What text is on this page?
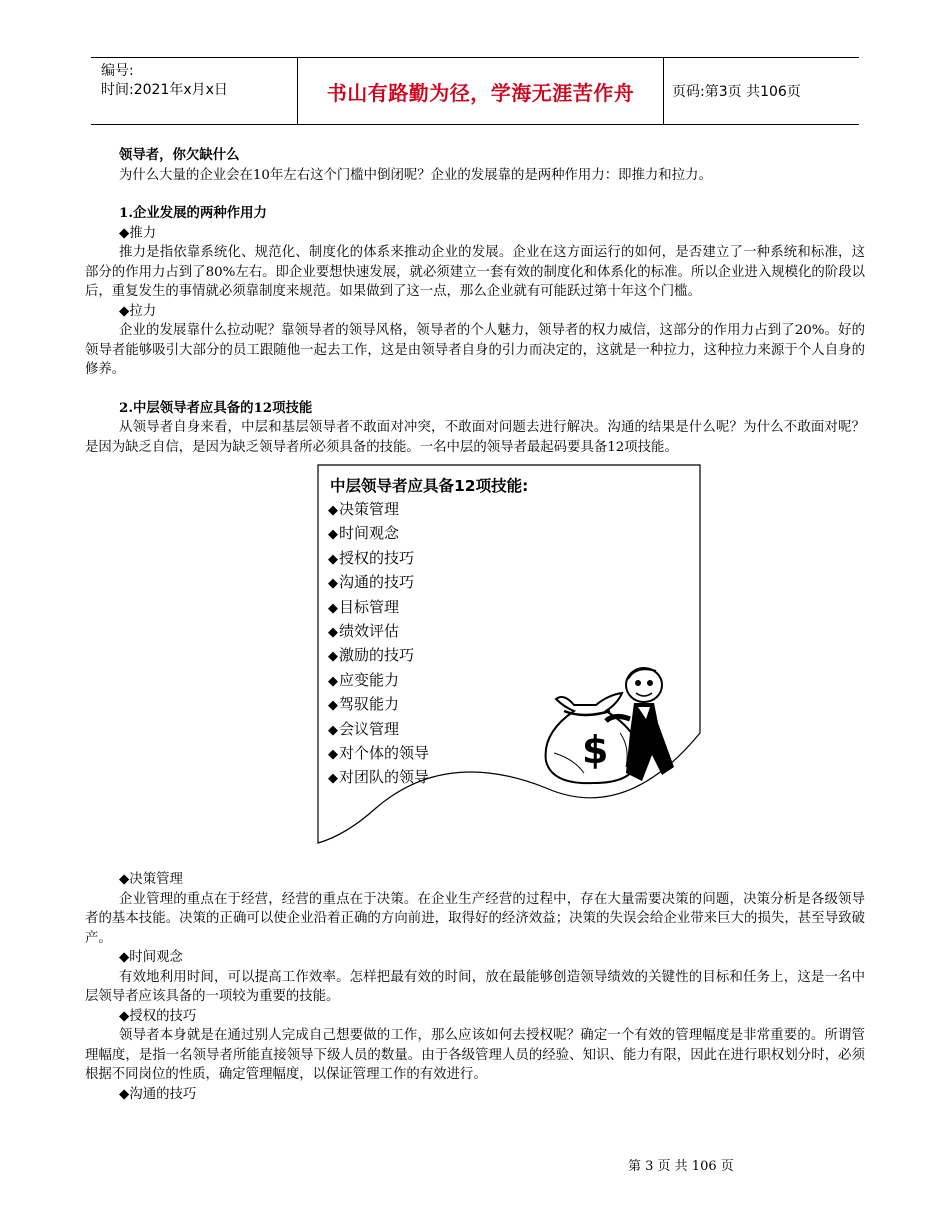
编号:
时间:2021年x月x日	书山有路勤为径，学海无涯苦作舟	页码:第3页 共106页

领导者，你欠缺什么

为什么大量的企业会在10年左右这个门槛中倒闭呢？企业的发展靠的是两种作用力：即推力和拉力。

1.企业发展的两种作用力

◆推力

推力是指依靠系统化、规范化、制度化的体系来推动企业的发展。企业在这方面运行的如何，是否建立了一种系统和标准，这部分的作用力占到了80%左右。即企业要想快速发展，就必须建立一套有效的制度化和体系化的标准。所以企业进入规模化的阶段以后，重复发生的事情就必须靠制度来规范。如果做到了这一点，那么企业就有可能跃过第十年这个门槛。

◆拉力

企业的发展靠什么拉动呢？靠领导者的领导风格，领导者的个人魅力，领导者的权力威信，这部分的作用力占到了20%。好的领导者能够吸引大部分的员工跟随他一起去工作，这是由领导者自身的引力而决定的，这就是一种拉力，这种拉力来源于个人自身的修养。

2.中层领导者应具备的12项技能

从领导者自身来看，中层和基层领导者不敢面对冲突，不敢面对问题去进行解决。沟通的结果是什么呢？为什么不敢面对呢？是因为缺乏自信，是因为缺乏领导者所必须具备的技能。一名中层的领导者最起码要具备12项技能。

中层领导者应具备12项技能:
◆决策管理
◆时间观念
◆授权的技巧
◆沟通的技巧
◆目标管理
◆绩效评估
◆激励的技巧
◆应变能力
◆驾驭能力
◆会议管理
◆对个体的领导
◆对团队的领导
$

◆决策管理

企业管理的重点在于经营，经营的重点在于决策。在企业生产经营的过程中，存在大量需要决策的问题，决策分析是各级领导者的基本技能。决策的正确可以使企业沿着正确的方向前进，取得好的经济效益；决策的失误会给企业带来巨大的损失，甚至导致破产。

◆时间观念

有效地利用时间，可以提高工作效率。怎样把最有效的时间，放在最能够创造领导绩效的关键性的目标和任务上，这是一名中层领导者应该具备的一项较为重要的技能。

◆授权的技巧

领导者本身就是在通过别人完成自己想要做的工作，那么应该如何去授权呢？确定一个有效的管理幅度是非常重要的。所谓管理幅度，是指一名领导者所能直接领导下级人员的数量。由于各级管理人员的经验、知识、能力有限，因此在进行职权划分时，必须根据不同岗位的性质，确定管理幅度，以保证管理工作的有效进行。

◆沟通的技巧

第 3 页 共 106 页
